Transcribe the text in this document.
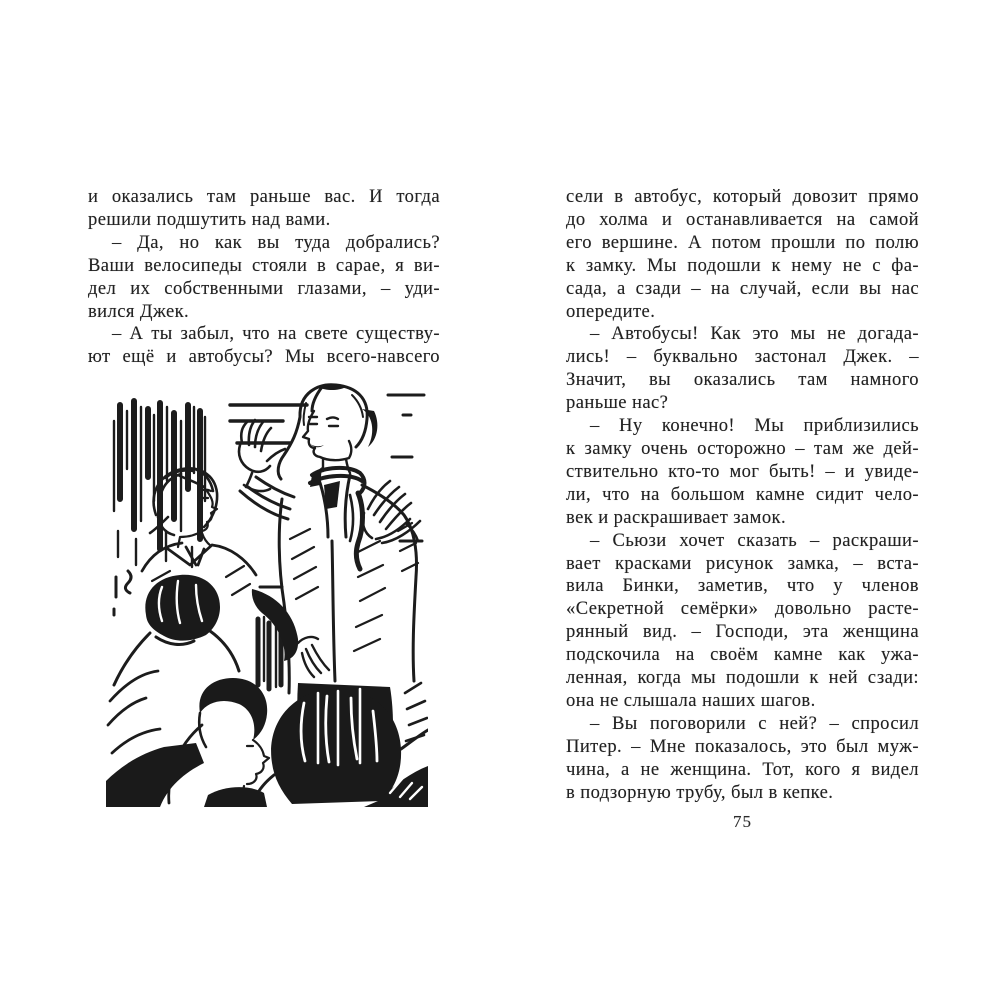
и оказались там раньше вас. И тогда
решили подшутить над вами.
– Да, но как вы туда добрались?
Ваши велосипеды стояли в сарае, я ви-
дел их собственными глазами, – уди-
вился Джек.
– А ты забыл, что на свете существу-
ют ещё и автобусы? Мы всего-навсего
сели в автобус, который довозит прямо
до холма и останавливается на самой
его вершине. А потом прошли по полю
к замку. Мы подошли к нему не с фа-
сада, а сзади – на случай, если вы нас
опередите.
– Автобусы! Как это мы не догада-
лись! – буквально застонал Джек. –
Значит, вы оказались там намного
раньше нас?
– Ну конечно! Мы приблизились
к замку очень осторожно – там же дей-
ствительно кто-то мог быть! – и увиде-
ли, что на большом камне сидит чело-
век и раскрашивает замок.
– Сьюзи хочет сказать – раскраши-
вает красками рисунок замка, – вста-
вила Бинки, заметив, что у членов
«Секретной семёрки» довольно расте-
рянный вид. – Господи, эта женщина
подскочила на своём камне как ужа-
ленная, когда мы подошли к ней сзади:
она не слышала наших шагов.
– Вы поговорили с ней? – спросил
Питер. – Мне показалось, это был муж-
чина, а не женщина. Тот, кого я видел
в подзорную трубу, был в кепке.
75
